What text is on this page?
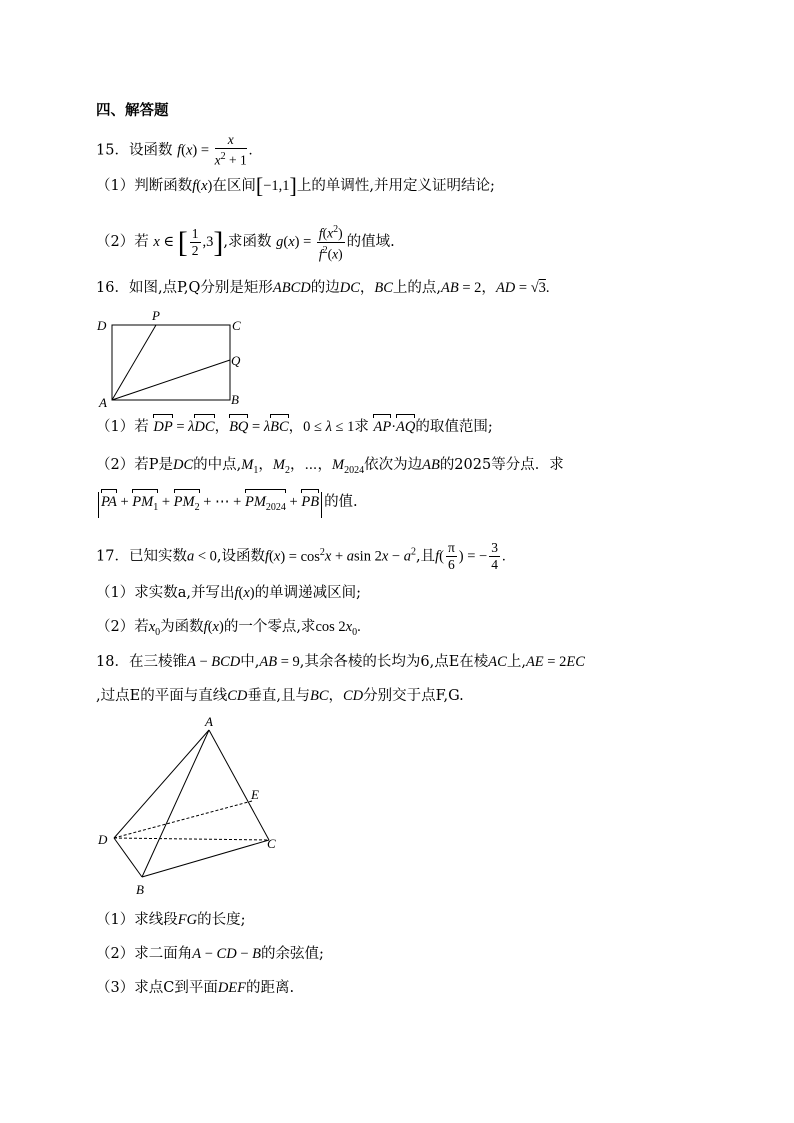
四、解答题
15．设函数 $f(x) = \frac{x}{x^2 + 1}$ .
（1）判断函数f(x)在区间[−1,1]上的单调性,并用定义证明结论;
（2）若 x ∈ [ $\frac{1}{2} ,3$],求函数 $g(x) = \frac{f(x^2)}{f^2(x)}$ 的值域.
16．如图,点P,Q分别是矩形ABCD的边DC，BC上的点,AB = 2，AD = √3.
D
P
C
Q
A	B
（1）若 DP = λDC，BQ = λBC，0 ≤ λ ≤ 1求 AP·AQ的取值范围;
（2）若P是DC的中点$,M_1$，$M_2$，⋯，$M_{2024}$依次为边AB的2025等分点．求
PA + $PM_1 + PM_2$ + ⋯ + $PM_{2024}$ + PB 的值.
17．已知实数a < 0,设函数$f(x) = \cos^2x + asin$ $2x - a^2$,且$f( \frac{\pi}{6}$ ) = − $\frac{3}{4}$ .
（1）求实数a,并写出f(x)的单调递减区间;
（2）若$x_0$为函数f(x)的一个零点,求$\cos 2x_0$.
18．在三棱锥A − BCD中,AB = 9,其余各棱的长均为6,点E在棱AC上,AE = 2EC
,过点E的平面与直线CD垂直,且与BC，CD分别交于点F,G.
A
E
D	C
B
（1）求线段FG的长度;
（2）求二面角A − CD − B的余弦值;
（3）求点C到平面DEF的距离.
